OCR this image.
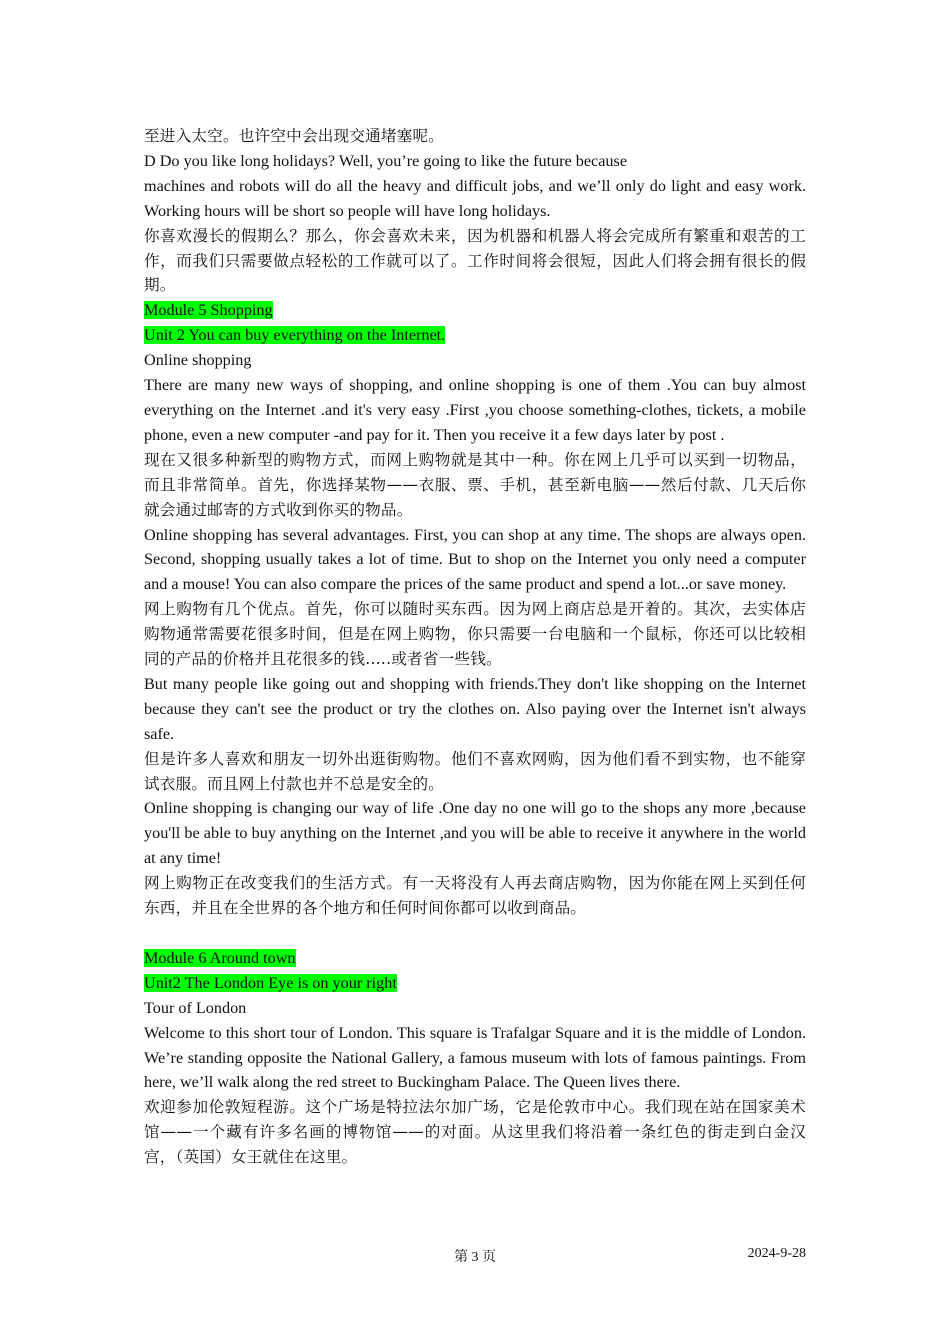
至进入太空。也许空中会出现交通堵塞呢。

D Do you like long holidays? Well, you’re going to like the future because

machines and robots will do all the heavy and difficult jobs, and we’ll only do light and easy work. Working hours will be short so people will have long holidays.

你喜欢漫长的假期么？那么，你会喜欢未来，因为机器和机器人将会完成所有繁重和艰苦的工作，而我们只需要做点轻松的工作就可以了。工作时间将会很短，因此人们将会拥有很长的假期。

Module 5 Shopping

Unit 2 You can buy everything on the Internet.

Online shopping

There are many new ways of shopping, and online shopping is one of them .You can buy almost everything on the Internet .and it's very easy .First ,you choose something-clothes, tickets, a mobile phone, even a new computer -and pay for it. Then you receive it a few days later by post .

现在又很多种新型的购物方式，而网上购物就是其中一种。你在网上几乎可以买到一切物品，而且非常简单。首先，你选择某物——衣服、票、手机，甚至新电脑——然后付款、几天后你就会通过邮寄的方式收到你买的物品。

Online shopping has several advantages. First, you can shop at any time. The shops are always open. Second, shopping usually takes a lot of time. But to shop on the Internet you only need a computer and a mouse! You can also compare the prices of the same product and spend a lot...or save money.

网上购物有几个优点。首先，你可以随时买东西。因为网上商店总是开着的。其次，去实体店购物通常需要花很多时间，但是在网上购物，你只需要一台电脑和一个鼠标，你还可以比较相同的产品的价格并且花很多的钱…..或者省一些钱。

But many people like going out and shopping with friends.They don't like shopping on the Internet because they can't see the product or try the clothes on. Also paying over the Internet isn't always safe.

但是许多人喜欢和朋友一切外出逛街购物。他们不喜欢网购，因为他们看不到实物，也不能穿试衣服。而且网上付款也并不总是安全的。

Online shopping is changing our way of life .One day no one will go to the shops any more ,because you'll be able to buy anything on the Internet ,and you will be able to receive it anywhere in the world at any time!

网上购物正在改变我们的生活方式。有一天将没有人再去商店购物，因为你能在网上买到任何东西，并且在全世界的各个地方和任何时间你都可以收到商品。

Module 6 Around town

Unit2 The London Eye is on your right

Tour of London

Welcome to this short tour of London. This square is Trafalgar Square and it is the middle of London. We’re standing opposite the National Gallery, a famous museum with lots of famous paintings. From here, we’ll walk along the red street to Buckingham Palace. The Queen lives there.

欢迎参加伦敦短程游。这个广场是特拉法尔加广场，它是伦敦市中心。我们现在站在国家美术馆——一个藏有许多名画的博物馆——的对面。从这里我们将沿着一条红色的街走到白金汉宫，（英国）女王就住在这里。

第 3 页	2024-9-28
